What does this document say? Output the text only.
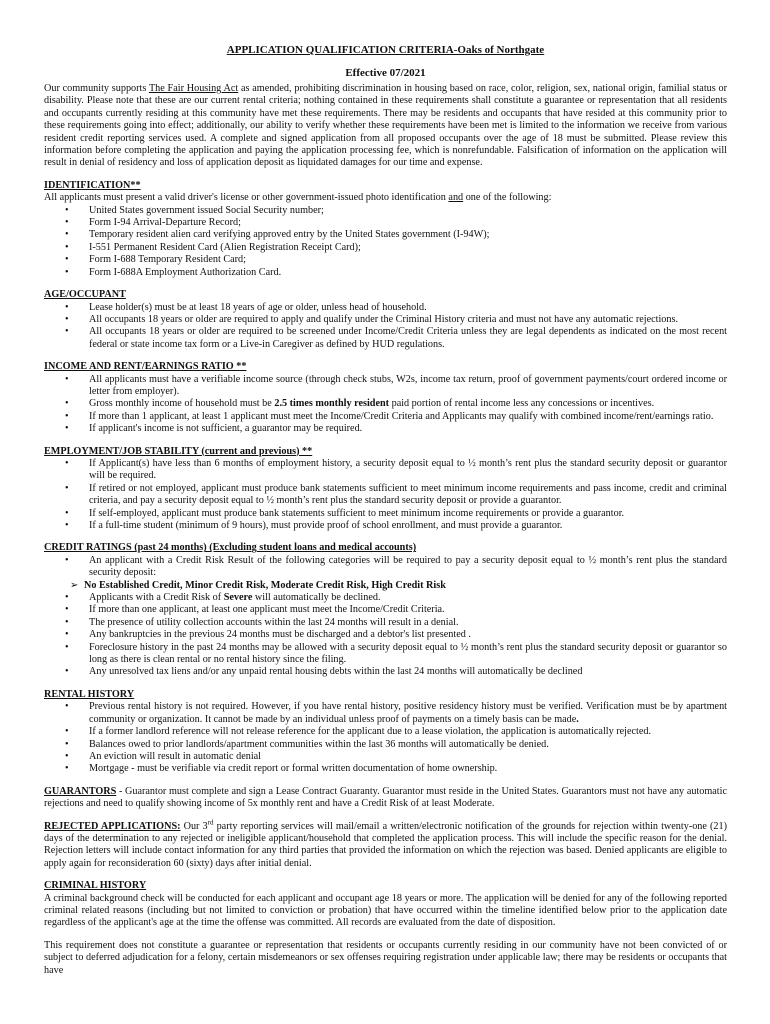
APPLICATION QUALIFICATION CRITERIA-Oaks of Northgate

Effective 07/2021

Our community supports The Fair Housing Act as amended, prohibiting discrimination in housing based on race, color, religion, sex, national origin, familial status or disability. Please note that these are our current rental criteria; nothing contained in these requirements shall constitute a guarantee or representation that all residents and occupants currently residing at this community have met these requirements. There may be residents and occupants that have resided at this community prior to these requirements going into effect; additionally, our ability to verify whether these requirements have been met is limited to the information we receive from various resident credit reporting services used. A complete and signed application from all proposed occupants over the age of 18 must be submitted. Please review this information before completing the application and paying the application processing fee, which is nonrefundable. Falsification of information on the application will result in denial of residency and loss of application deposit as liquidated damages for our time and expense.

IDENTIFICATION**

All applicants must present a valid driver's license or other government-issued photo identification and one of the following:

• United States government issued Social Security number;
• Form I-94 Arrival-Departure Record;
• Temporary resident alien card verifying approved entry by the United States government (I-94W);
• I-551 Permanent Resident Card (Alien Registration Receipt Card);
• Form I-688 Temporary Resident Card;
• Form I-688A Employment Authorization Card.

AGE/OCCUPANT

• Lease holder(s) must be at least 18 years of age or older, unless head of household.
• All occupants 18 years or older are required to apply and qualify under the Criminal History criteria and must not have any automatic rejections.
• All occupants 18 years or older are required to be screened under Income/Credit Criteria unless they are legal dependents as indicated on the most recent federal or state income tax form or a Live-in Caregiver as defined by HUD regulations.

INCOME AND RENT/EARNINGS RATIO **

• All applicants must have a verifiable income source (through check stubs, W2s, income tax return, proof of government payments/court ordered income or letter from employer).
• Gross monthly income of household must be 2.5 times monthly resident paid portion of rental income less any concessions or incentives.
• If more than 1 applicant, at least 1 applicant must meet the Income/Credit Criteria and Applicants may qualify with combined income/rent/earnings ratio.
• If applicant's income is not sufficient, a guarantor may be required.

EMPLOYMENT/JOB STABILITY (current and previous) **

• If Applicant(s) have less than 6 months of employment history, a security deposit equal to ½ month’s rent plus the standard security deposit or guarantor will be required.
• If retired or not employed, applicant must produce bank statements sufficient to meet minimum income requirements and pass income, credit and criminal criteria, and pay a security deposit equal to ½ month’s rent plus the standard security deposit or provide a guarantor.
• If self-employed, applicant must produce bank statements sufficient to meet minimum income requirements or provide a guarantor.
• If a full-time student (minimum of 9 hours), must provide proof of school enrollment, and must provide a guarantor.

CREDIT RATINGS (past 24 months) (Excluding student loans and medical accounts)

• An applicant with a Credit Risk Result of the following categories will be required to pay a security deposit equal to ½ month’s rent plus the standard security deposit:
➢ No Established Credit, Minor Credit Risk, Moderate Credit Risk, High Credit Risk
• Applicants with a Credit Risk of Severe will automatically be declined.
• If more than one applicant, at least one applicant must meet the Income/Credit Criteria.
• The presence of utility collection accounts within the last 24 months will result in a denial.
• Any bankruptcies in the previous 24 months must be discharged and a debtor's list presented .
• Foreclosure history in the past 24 months may be allowed with a security deposit equal to ½ month’s rent plus the standard security deposit or guarantor so long as there is clean rental or no rental history since the filing.
• Any unresolved tax liens and/or any unpaid rental housing debts within the last 24 months will automatically be declined

RENTAL HISTORY

• Previous rental history is not required. However, if you have rental history, positive residency history must be verified. Verification must be by apartment community or organization. It cannot be made by an individual unless proof of payments on a timely basis can be made.
• If a former landlord reference will not release reference for the applicant due to a lease violation, the application is automatically rejected.
• Balances owed to prior landlords/apartment communities within the last 36 months will automatically be denied.
• An eviction will result in automatic denial
• Mortgage - must be verifiable via credit report or formal written documentation of home ownership.

GUARANTORS - Guarantor must complete and sign a Lease Contract Guaranty. Guarantor must reside in the United States. Guarantors must not have any automatic rejections and need to qualify showing income of 5x monthly rent and have a Credit Risk of at least Moderate.

REJECTED APPLICATIONS: Our 3rd party reporting services will mail/email a written/electronic notification of the grounds for rejection within twenty-one (21) days of the determination to any rejected or ineligible applicant/household that completed the application process. This will include the specific reason for the denial. Rejection letters will include contact information for any third parties that provided the information on which the rejection was based. Denied applicants are eligible to apply again for reconsideration 60 (sixty) days after initial denial.

CRIMINAL HISTORY

A criminal background check will be conducted for each applicant and occupant age 18 years or more. The application will be denied for any of the following reported criminal related reasons (including but not limited to conviction or probation) that have occurred within the timeline identified below prior to the application date regardless of the applicant's age at the time the offense was committed. All records are evaluated from the date of disposition.

This requirement does not constitute a guarantee or representation that residents or occupants currently residing in our community have not been convicted of or subject to deferred adjudication for a felony, certain misdemeanors or sex offenses requiring registration under applicable law; there may be residents or occupants that have
